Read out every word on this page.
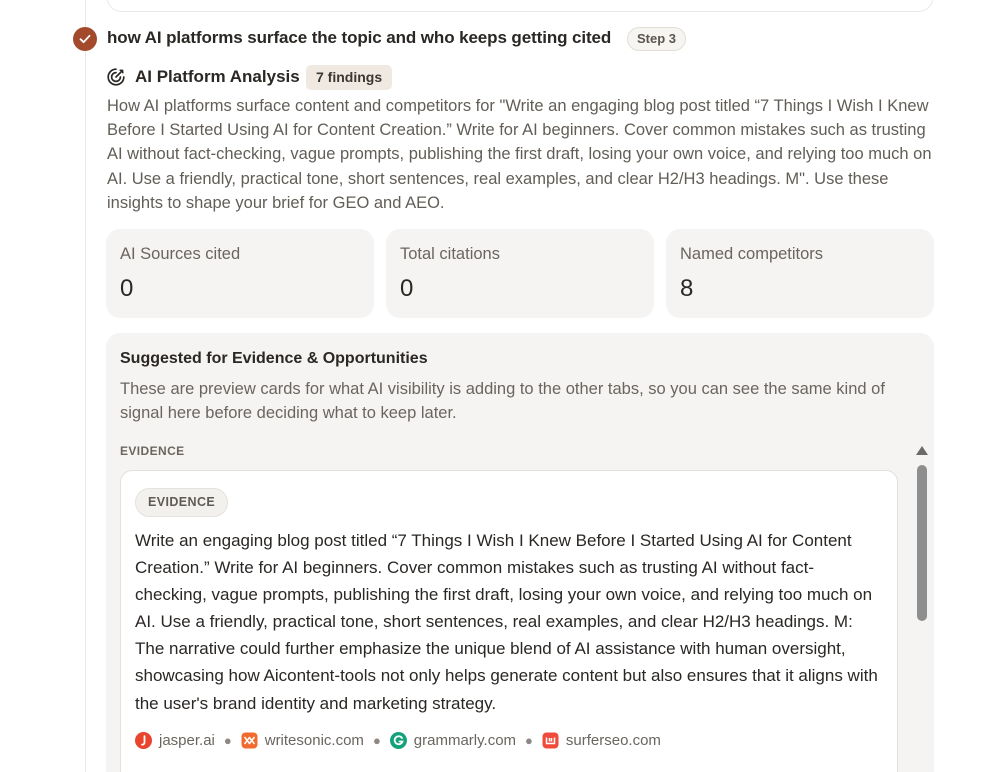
how AI platforms surface the topic and who keeps getting cited	Step 3
AI Platform Analysis	7 findings
How AI platforms surface content and competitors for "Write an engaging blog post titled “7 Things I Wish I Knew Before I Started Using AI for Content Creation.” Write for AI beginners. Cover common mistakes such as trusting AI without fact-checking, vague prompts, publishing the first draft, losing your own voice, and relying too much on AI. Use a friendly, practical tone, short sentences, real examples, and clear H2/H3 headings. M". Use these insights to shape your brief for GEO and AEO.
AI Sources cited
0
Total citations
0
Named competitors
8
Suggested for Evidence & Opportunities
These are preview cards for what AI visibility is adding to the other tabs, so you can see the same kind of signal here before deciding what to keep later.
EVIDENCE
EVIDENCE
Write an engaging blog post titled “7 Things I Wish I Knew Before I Started Using AI for Content Creation.” Write for AI beginners. Cover common mistakes such as trusting AI without fact-checking, vague prompts, publishing the first draft, losing your own voice, and relying too much on AI. Use a friendly, practical tone, short sentences, real examples, and clear H2/H3 headings. M: The narrative could further emphasize the unique blend of AI assistance with human oversight, showcasing how Aicontent-tools not only helps generate content but also ensures that it aligns with the user's brand identity and marketing strategy.
jasper.ai ● writesonic.com ● grammarly.com ● surferseo.com
